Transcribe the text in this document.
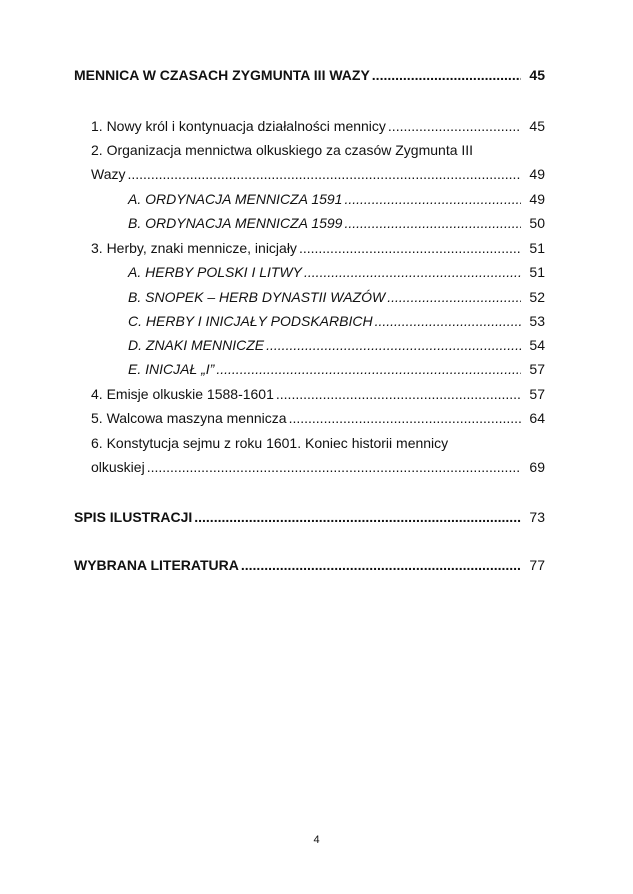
MENNICA W CZASACH ZYGMUNTA III WAZY .....	45
1. Nowy król i kontynuacja działalności mennicy .....	45
2. Organizacja mennictwa olkuskiego za czasów Zygmunta III
Wazy .....	49
A. ORDYNACJA MENNICZA 1591 .....	49
B. ORDYNACJA MENNICZA 1599 .....	50
3. Herby, znaki mennicze, inicjały .....	51
A. HERBY POLSKI I LITWY .....	51
B. SNOPEK – HERB DYNASTII WAZÓW .....	52
C. HERBY I INICJAŁY PODSKARBICH .....	53
D. ZNAKI MENNICZE .....	54
E. INICJAŁ „I” .....	57
4. Emisje olkuskie 1588-1601 .....	57
5. Walcowa maszyna mennicza .....	64
6. Konstytucja sejmu z roku 1601. Koniec historii mennicy
olkuskiej .....	69
SPIS ILUSTRACJI .....	73
WYBRANA LITERATURA .....	77
4
